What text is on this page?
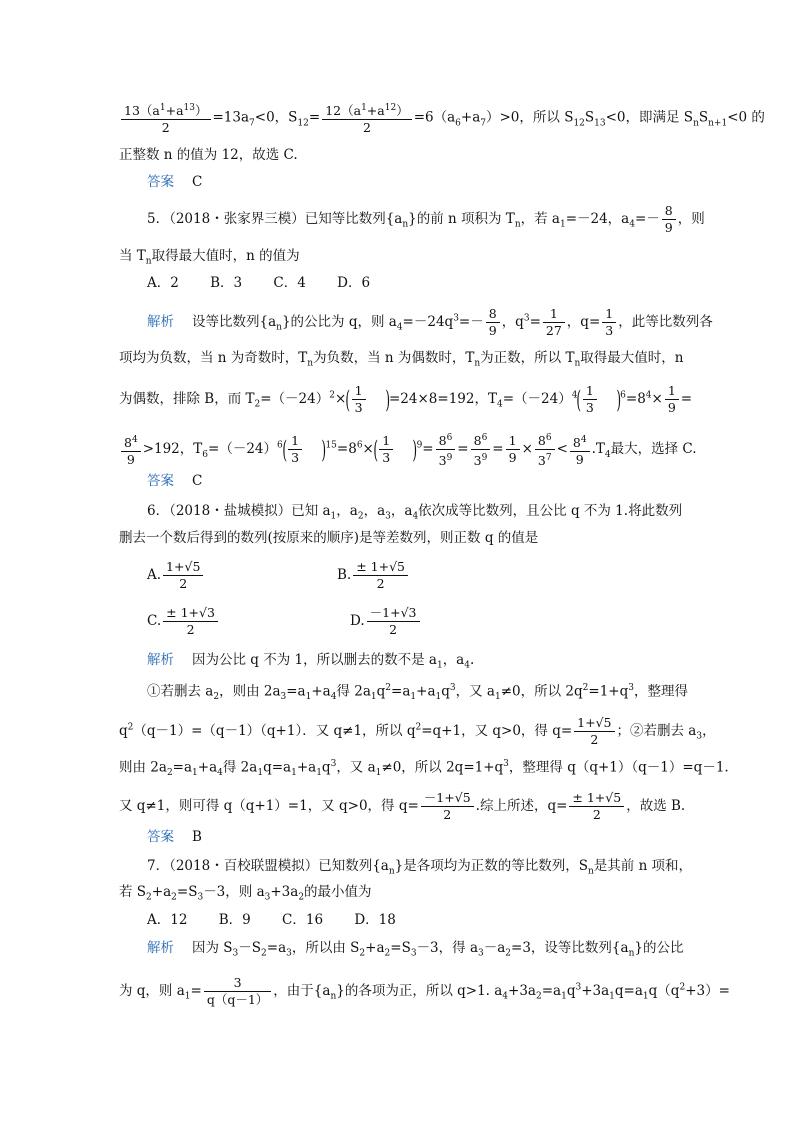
$\frac{13(a^1+a^{13})}{2} =13a_7<0$，$S_{12}= \frac{12(a^1+a^{12})}{2} =6(a_6+a_7)>0$，所以 $S_{12}S_{13}<0$，即满足 $S_nS_{n+1}<0$ 的
正整数 n 的值为 12，故选 C.
答案 C
5．（2018・张家界三模）已知等比数列$\{a_n\}$的前 n 项积为 $T_n$，若 $a_1=-24$，$a_4=- \frac{8}{9}$ ，则
当 $T_n$取得最大值时，n 的值为
A．2　　 B．3　　 C．4　　 D．6
解析 设等比数列$\{a_n\}$的公比为 q，则 $a_4=-24q^3=- \frac{8}{9}$ ，$q^3= \frac{1}{27}$ ，$q= \frac{1}{3}$ ，此等比数列各
项均为负数，当 n 为奇数时，$T_n$为负数，当 n 为偶数时，$T_n$为正数，所以 $T_n$取得最大值时，n
为偶数，排除 B，而 $T_2=(-24)^2\times( \frac{1}{3} )=24\times 8=192$，$T_4=(-24)^4( \frac{1}{3} )^6=8^4\times \frac{1}{9}$ =
$\frac{8^4}{9} >192$，$T_6=(-24)^6( \frac{1}{3} )^{15}=8^6\times( \frac{1}{3} )^9= \frac{8^6}{3^9} = \frac{8^6}{3^9} = \frac{1}{9} \times \frac{8^6}{3^7} < \frac{8^4}{9} .T_4$最大，选择 C.
答案 C
6．（2018・盐城模拟）已知 $a_1$，$a_2$，$a_3$，$a_4$依次成等比数列，且公比 q 不为 1.将此数列
删去一个数后得到的数列(按原来的顺序)是等差数列，则正数 q 的值是
A. $\frac{1+√5}{2}$	B. $\frac{\pm 1+√5}{2}$
C. $\frac{\pm 1+√3}{2}$	D. $\frac{-1+√3}{2}$
解析 因为公比 q 不为 1，所以删去的数不是 $a_1$，$a_4$.
①若删去 $a_2$，则由 $2a_3=a_1+a_4$得 $2a_1q^2=a_1+a_1q^3$，又 $a_1\ne 0$，所以 $2q^2=1+q^3$，整理得
$q^2(q-1)=(q-1)(q+1)$．又 q≠1，所以 $q^2=q+1$，又 q>0，得 $q= \frac{1+√5}{2}$ ；②若删去 $a_3$，
则由 $2a_2=a_1+a_4$得 $2a_1q=a_1+a_1q^3$，又 $a_1\ne 0$，所以 $2q=1+q^3$，整理得 q（q+1）（q－1）=q－1.
又 q≠1，则可得 q（q+1）=1，又 q>0，得 $q= \frac{-1+√5}{2}$ .综上所述，$q= \frac{\pm 1+√5}{2}$ ，故选 B.
答案 B
7．（2018・百校联盟模拟）已知数列$\{a_n\}$是各项均为正数的等比数列，$S_n$是其前 n 项和，
若 $S_2+a_2=S_3-3$，则 $a_3+3a_2$的最小值为
A．12　　 B．9　　 C．16　　 D．18
解析 因为 $S_3-S_2=a_3$，所以由 $S_2+a_2=S_3-3$，得 $a_3-a_2=3$，设等比数列$\{a_n\}$的公比
为 q，则 $a_1= \frac{3}{q(q-1)}$ ，由于$\{a_n\}$的各项为正，所以 q>1. $a_4+3a_2=a_1q^3+3a_1q=a_1q(q^2+3)=$
